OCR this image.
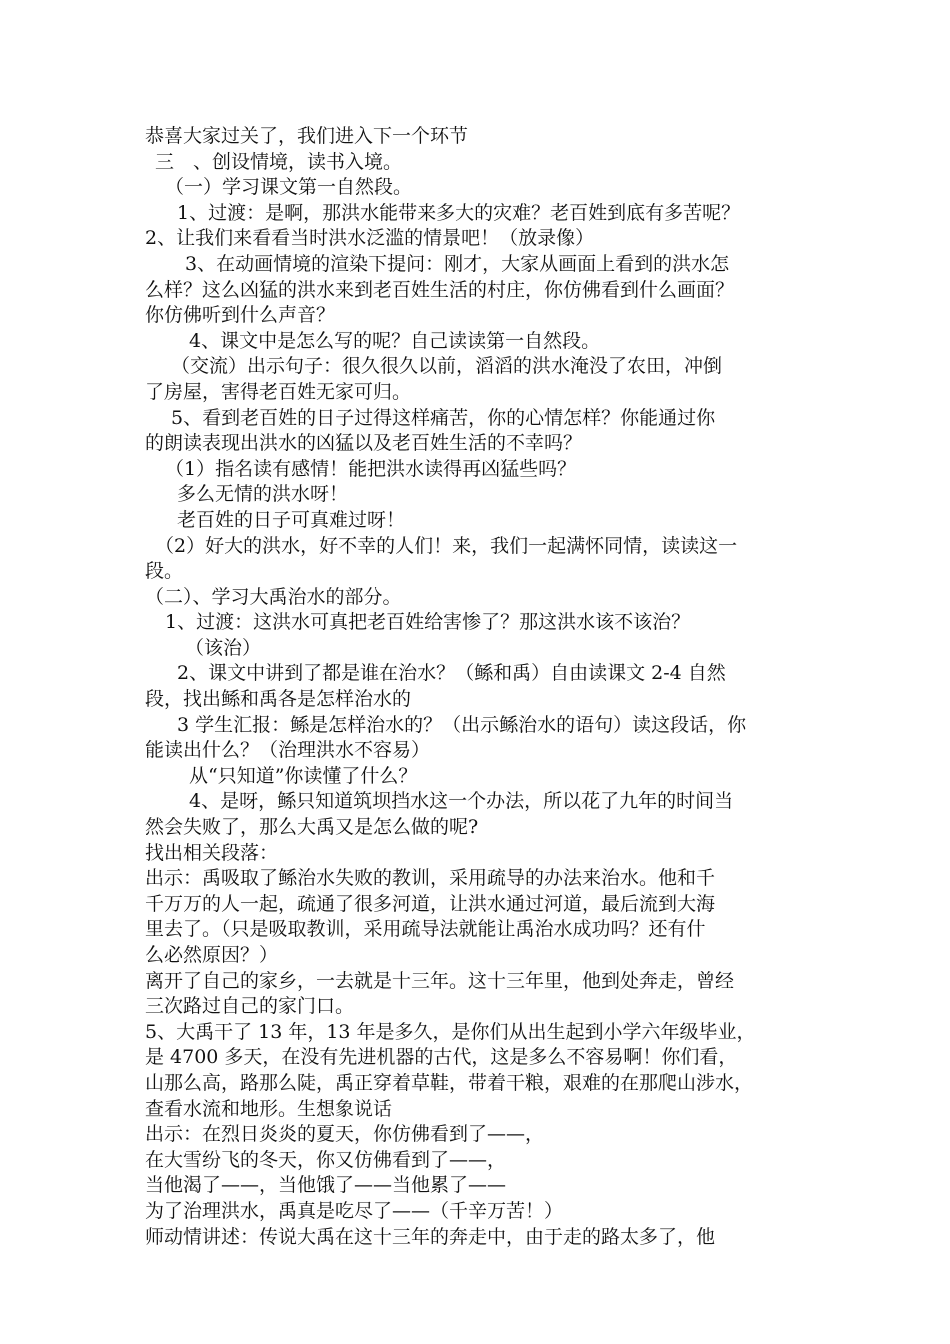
恭喜大家过关了，我们进入下一个环节
三　、创设情境，读书入境。
（一）学习课文第一自然段。
1、过渡：是啊，那洪水能带来多大的灾难？老百姓到底有多苦呢？
2、让我们来看看当时洪水泛滥的情景吧！（放录像）
3、在动画情境的渲染下提问：刚才，大家从画面上看到的洪水怎
么样？这么凶猛的洪水来到老百姓生活的村庄，你仿佛看到什么画面？
你仿佛听到什么声音？
4、课文中是怎么写的呢？自己读读第一自然段。
（交流）出示句子：很久很久以前，滔滔的洪水淹没了农田，冲倒
了房屋，害得老百姓无家可归。
5、看到老百姓的日子过得这样痛苦，你的心情怎样？你能通过你
的朗读表现出洪水的凶猛以及老百姓生活的不幸吗？
（1）指名读有感情！能把洪水读得再凶猛些吗？
多么无情的洪水呀！
老百姓的日子可真难过呀！
（2）好大的洪水，好不幸的人们！来，我们一起满怀同情，读读这一
段。
（二）、学习大禹治水的部分。
1、过渡：这洪水可真把老百姓给害惨了？那这洪水该不该治？
（该治）
2、课文中讲到了都是谁在治水？（鲧和禹）自由读课文 2-4 自然
段，找出鲧和禹各是怎样治水的
3 学生汇报：鲧是怎样治水的？（出示鲧治水的语句）读这段话，你
能读出什么？（治理洪水不容易）
从“只知道”你读懂了什么？
4、是呀，鲧只知道筑坝挡水这一个办法，所以花了九年的时间当
然会失败了，那么大禹又是怎么做的呢?
找出相关段落：
出示：禹吸取了鲧治水失败的教训，采用疏导的办法来治水。他和千
千万万的人一起，疏通了很多河道，让洪水通过河道，最后流到大海
里去了。（只是吸取教训，采用疏导法就能让禹治水成功吗？还有什
么必然原因？）
离开了自己的家乡，一去就是十三年。这十三年里，他到处奔走，曾经
三次路过自己的家门口。
5、大禹干了 13 年，13 年是多久，是你们从出生起到小学六年级毕业，
是 4700 多天，在没有先进机器的古代，这是多么不容易啊！你们看，
山那么高，路那么陡，禹正穿着草鞋，带着干粮，艰难的在那爬山涉水，
查看水流和地形。生想象说话
出示：在烈日炎炎的夏天，你仿佛看到了——，
在大雪纷飞的冬天，你又仿佛看到了——，
当他渴了——，当他饿了——当他累了——
为了治理洪水，禹真是吃尽了——（千辛万苦！）
师动情讲述：传说大禹在这十三年的奔走中，由于走的路太多了，他
